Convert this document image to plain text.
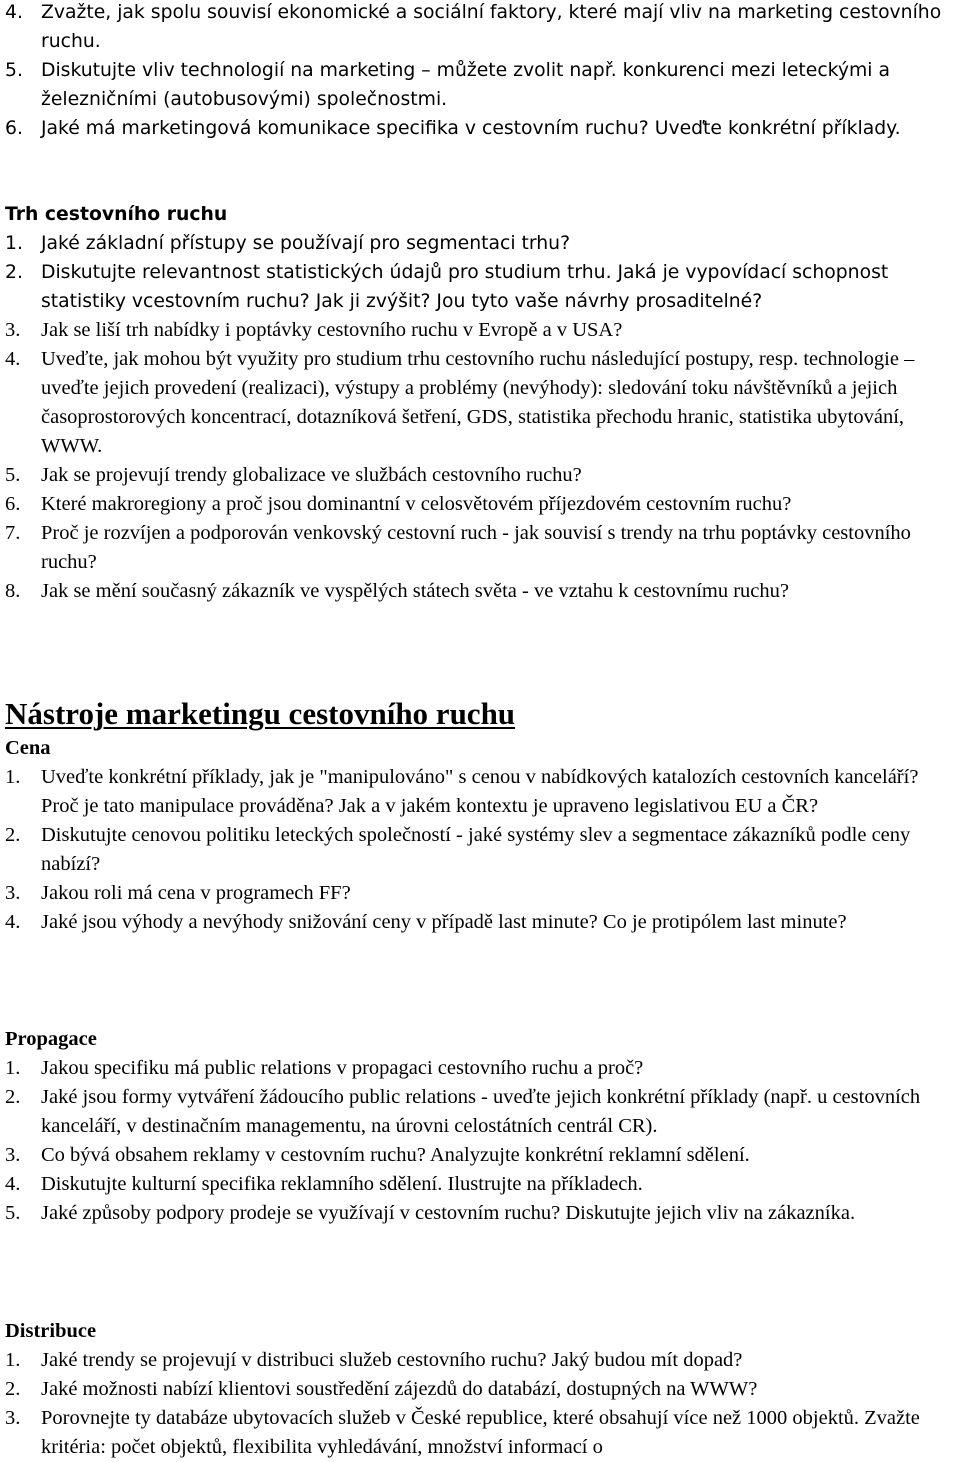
4. Zvažte, jak spolu souvisí ekonomické a sociální faktory, které mají vliv na marketing cestovního ruchu.
5. Diskutujte vliv technologií na marketing – můžete zvolit např. konkurenci mezi leteckými a železničními (autobusovými) společnostmi.
6. Jaké má marketingová komunikace specifika v cestovním ruchu? Uveďte konkrétní příklady.
Trh cestovního ruchu
1. Jaké základní přístupy se používají pro segmentaci trhu?
2. Diskutujte relevantnost statistických údajů pro studium trhu. Jaká je vypovídací schopnost statistiky vcestovním ruchu? Jak ji zvýšit? Jou tyto vaše návrhy prosaditelné?
3. Jak se liší trh nabídky i poptávky cestovního ruchu v Evropě a v USA?
4. Uveďte, jak mohou být využity pro studium trhu cestovního ruchu následující postupy, resp. technologie – uveďte jejich provedení (realizaci), výstupy a problémy (nevýhody): sledování toku návštěvníků a jejich časoprostorových koncentrací, dotazníková šetření, GDS, statistika přechodu hranic, statistika ubytování, WWW.
5. Jak se projevují trendy globalizace ve službách cestovního ruchu?
6. Které makroregiony a proč jsou dominantní v celosvětovém příjezdovém cestovním ruchu?
7. Proč je rozvíjen a podporován venkovský cestovní ruch - jak souvisí s trendy na trhu poptávky cestovního ruchu?
8. Jak se mění současný zákazník ve vyspělých státech světa - ve vztahu k cestovnímu ruchu?
Nástroje marketingu cestovního ruchu
Cena
1. Uveďte konkrétní příklady, jak je "manipulováno" s cenou v nabídkových katalozích cestovních kanceláří? Proč je tato manipulace prováděna? Jak a v jakém kontextu je upraveno legislativou EU a ČR?
2. Diskutujte cenovou politiku leteckých společností - jaké systémy slev a segmentace zákazníků podle ceny nabízí?
3. Jakou roli má cena v programech FF?
4. Jaké jsou výhody a nevýhody snižování ceny v případě last minute? Co je protipólem last minute?
Propagace
1. Jakou specifiku má public relations v propagaci cestovního ruchu a proč?
2. Jaké jsou formy vytváření žádoucího public relations - uveďte jejich konkrétní příklady (např. u cestovních kanceláří, v destinačním managementu, na úrovni celostátních centrál CR).
3. Co bývá obsahem reklamy v cestovním ruchu? Analyzujte konkrétní reklamní sdělení.
4. Diskutujte kulturní specifika reklamního sdělení. Ilustrujte na příkladech.
5. Jaké způsoby podpory prodeje se využívají v cestovním ruchu? Diskutujte jejich vliv na zákazníka.
Distribuce
1. Jaké trendy se projevují v distribuci služeb cestovního ruchu? Jaký budou mít dopad?
2. Jaké možnosti nabízí klientovi soustředění zájezdů do databází, dostupných na WWW?
3. Porovnejte ty databáze ubytovacích služeb v České republice, které obsahují více než 1000 objektů. Zvažte kritéria: počet objektů, flexibilita vyhledávání, množství informací o
